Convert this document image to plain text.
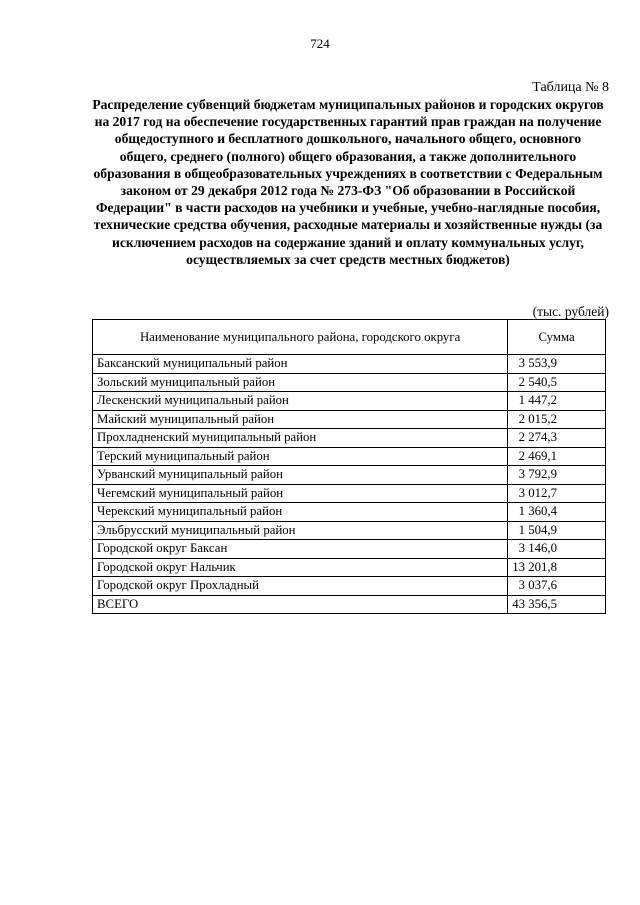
724
Таблица № 8
Распределение субвенций бюджетам муниципальных районов и городских округов на 2017 год на обеспечение государственных гарантий прав граждан на получение общедоступного и бесплатного дошкольного, начального общего, основного общего, среднего (полного) общего образования, а также дополнительного образования в общеобразовательных учреждениях в соответствии с Федеральным законом от 29 декабря 2012 года № 273-ФЗ "Об образовании в Российской Федерации" в части расходов на учебники и учебные, учебно-наглядные пособия, технические средства обучения, расходные материалы и хозяйственные нужды (за исключением расходов на содержание зданий и оплату коммунальных услуг, осуществляемых за счет средств местных бюджетов)
(тыс. рублей)
Наименование муниципального района, городского округа	Сумма
Баксанский муниципальный район	3 553,9
Зольский муниципальный район	2 540,5
Лескенский муниципальный район	1 447,2
Майский муниципальный район	2 015,2
Прохладненский муниципальный район	2 274,3
Терский муниципальный район	2 469,1
Урванский муниципальный район	3 792,9
Чегемский муниципальный район	3 012,7
Черекский муниципальный район	1 360,4
Эльбрусский муниципальный район	1 504,9
Городской округ Баксан	3 146,0
Городской округ Нальчик	13 201,8
Городской округ Прохладный	3 037,6
ВСЕГО	43 356,5
